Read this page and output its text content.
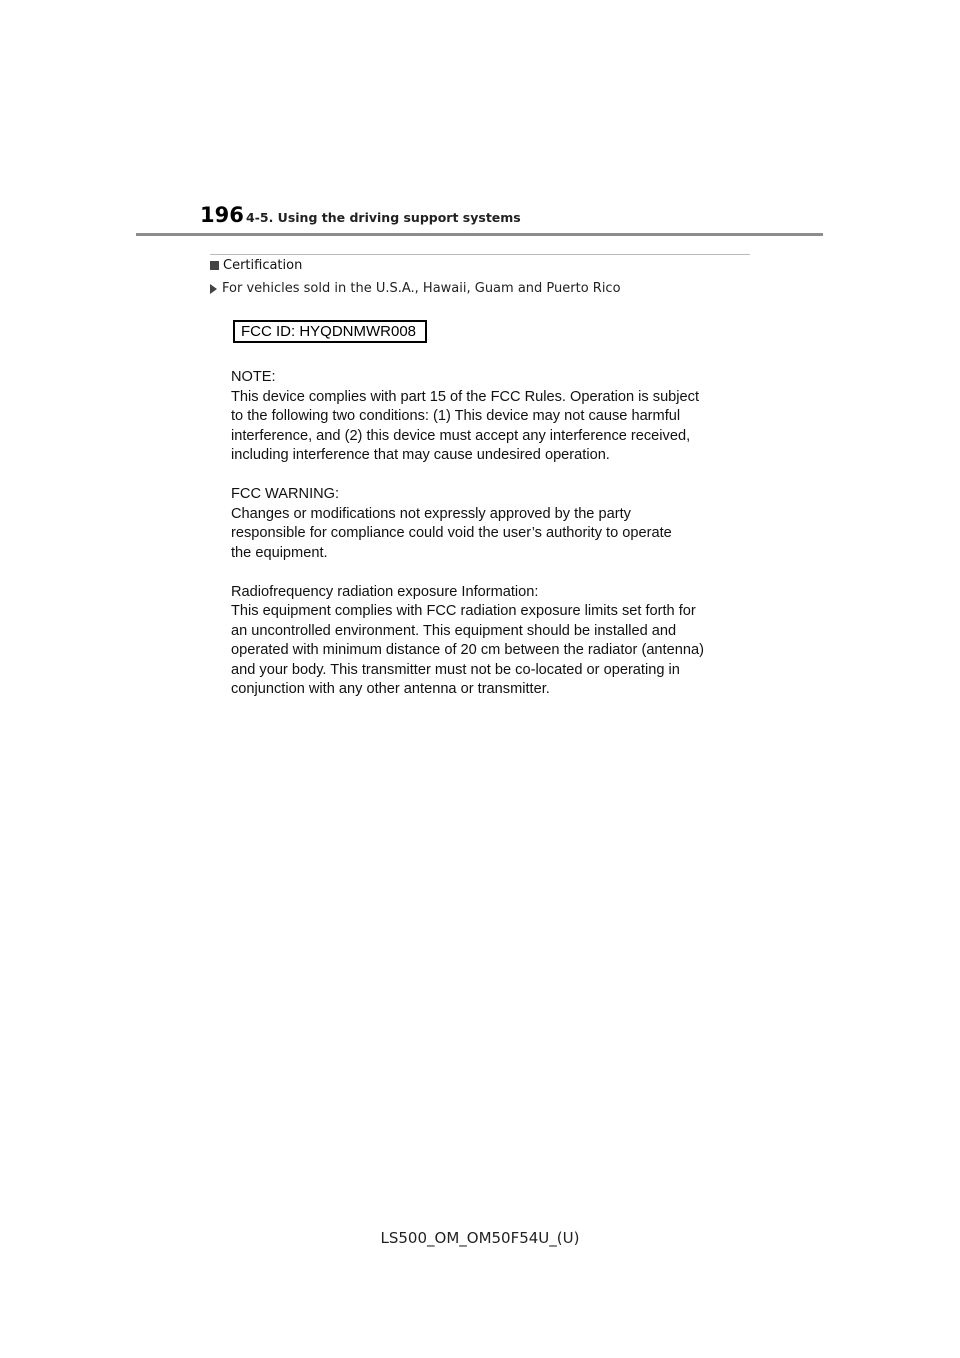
196 4-5. Using the driving support systems
Certification
For vehicles sold in the U.S.A., Hawaii, Guam and Puerto Rico
FCC ID: HYQDNMWR008

NOTE:

This device complies with part 15 of the FCC Rules. Operation is subject

to the following two conditions: (1) This device may not cause harmful

interference, and (2) this device must accept any interference received,

including interference that may cause undesired operation.

FCC WARNING:

Changes or modifications not expressly approved by the party

responsible for compliance could void the user’s authority to operate

the equipment.

Radiofrequency radiation exposure Information:

This equipment complies with FCC radiation exposure limits set forth for

an uncontrolled environment. This equipment should be installed and

operated with minimum distance of 20 cm between the radiator (antenna)

and your body. This transmitter must not be co-located or operating in

conjunction with any other antenna or transmitter.

LS500_OM_OM50F54U_(U)
